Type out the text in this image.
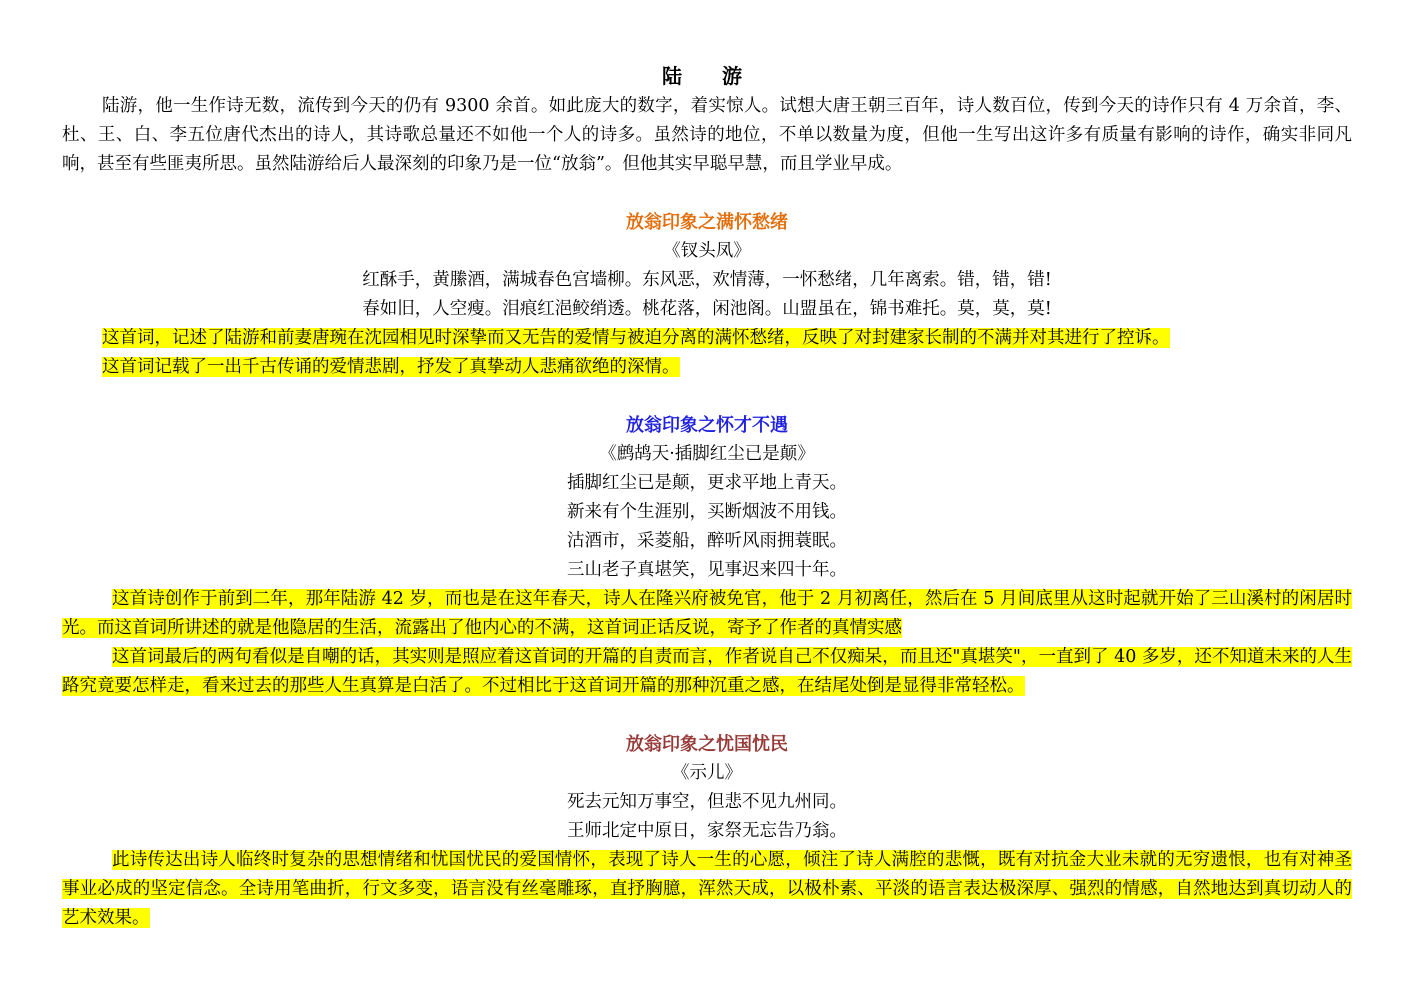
陆　游
陆游，他一生作诗无数，流传到今天的仍有 9300 余首。如此庞大的数字，着实惊人。试想大唐王朝三百年，诗人数百位，传到今天的诗作只有 4 万余首，李、杜、王、白、李五位唐代杰出的诗人，其诗歌总量还不如他一个人的诗多。虽然诗的地位，不单以数量为度，但他一生写出这许多有质量有影响的诗作，确实非同凡响，甚至有些匪夷所思。虽然陆游给后人最深刻的印象乃是一位“放翁”。但他其实早聪早慧，而且学业早成。
放翁印象之满怀愁绪
《钗头凤》
红酥手，黄縢酒，满城春色宫墙柳。东风恶，欢情薄，一怀愁绪，几年离索。错，错，错!
春如旧，人空瘦。泪痕红浥鲛绡透。桃花落，闲池阁。山盟虽在，锦书难托。莫，莫，莫!
这首词，记述了陆游和前妻唐琬在沈园相见时深挚而又无告的爱情与被迫分离的满怀愁绪，反映了对封建家长制的不满并对其进行了控诉。
这首词记载了一出千古传诵的爱情悲剧，抒发了真挚动人悲痛欲绝的深情。
放翁印象之怀才不遇
《鹧鸪天·插脚红尘已是颠》
插脚红尘已是颠，更求平地上青天。
新来有个生涯别，买断烟波不用钱。
沽酒市，采菱船，醉听风雨拥蓑眠。
三山老子真堪笑，见事迟来四十年。
这首诗创作于前到二年，那年陆游 42 岁，而也是在这年春天，诗人在隆兴府被免官，他于 2 月初离任，然后在 5 月间底里从这时起就开始了三山溪村的闲居时光。而这首词所讲述的就是他隐居的生活，流露出了他内心的不满，这首词正话反说，寄予了作者的真情实感
这首词最后的两句看似是自嘲的话，其实则是照应着这首词的开篇的自责而言，作者说自己不仅痴呆，而且还"真堪笑"，一直到了 40 多岁，还不知道未来的人生路究竟要怎样走，看来过去的那些人生真算是白活了。不过相比于这首词开篇的那种沉重之感，在结尾处倒是显得非常轻松。
放翁印象之忧国忧民
《示儿》
死去元知万事空，但悲不见九州同。
王师北定中原日，家祭无忘告乃翁。
此诗传达出诗人临终时复杂的思想情绪和忧国忧民的爱国情怀，表现了诗人一生的心愿，倾注了诗人满腔的悲慨，既有对抗金大业未就的无穷遗恨，也有对神圣事业必成的坚定信念。全诗用笔曲折，行文多变，语言没有丝毫雕琢，直抒胸臆，浑然天成，以极朴素、平淡的语言表达极深厚、强烈的情感，自然地达到真切动人的艺术效果。
